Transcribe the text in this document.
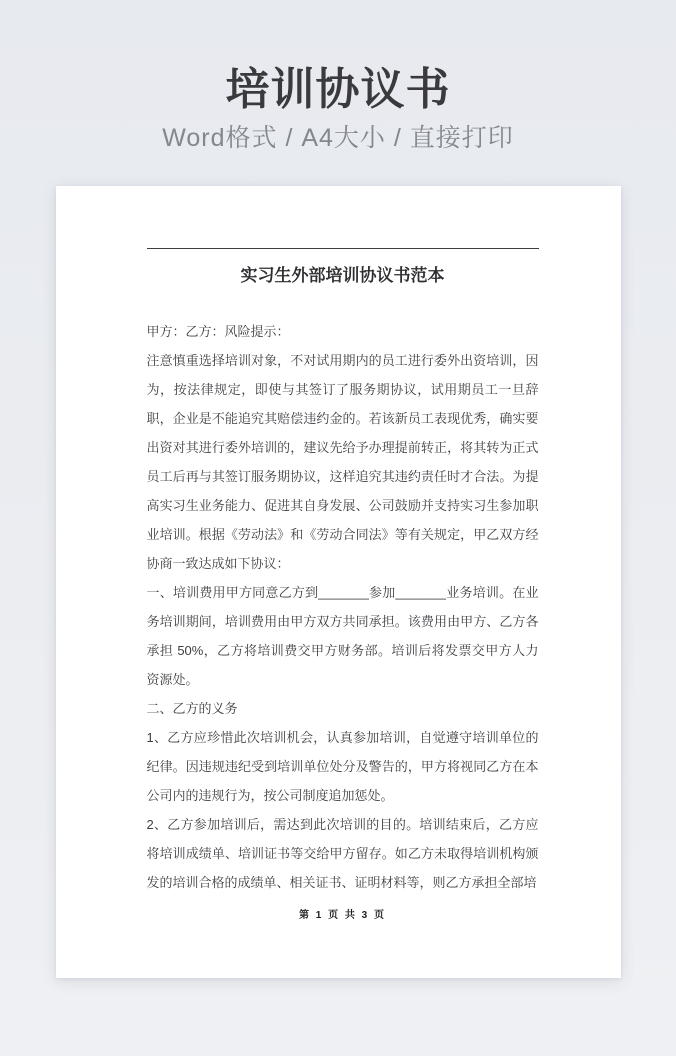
培训协议书
Word格式 / A4大小 / 直接打印
实习生外部培训协议书范本

甲方：乙方：风险提示：

注意慎重选择培训对象，不对试用期内的员工进行委外出资培训，因为，按法律规定，即使与其签订了服务期协议，试用期员工一旦辞职，企业是不能追究其赔偿违约金的。若该新员工表现优秀，确实要出资对其进行委外培训的，建议先给予办理提前转正，将其转为正式员工后再与其签订服务期协议，这样追究其违约责任时才合法。为提高实习生业务能力、促进其自身发展、公司鼓励并支持实习生参加职业培训。根据《劳动法》和《劳动合同法》等有关规定，甲乙双方经协商一致达成如下协议：

一、培训费用甲方同意乙方到_______参加_______业务培训。在业务培训期间，培训费用由甲方双方共同承担。该费用由甲方、乙方各承担 50%，乙方将培训费交甲方财务部。培训后将发票交甲方人力资源处。

二、乙方的义务

1、乙方应珍惜此次培训机会，认真参加培训，自觉遵守培训单位的纪律。因违规违纪受到培训单位处分及警告的，甲方将视同乙方在本公司内的违规行为，按公司制度追加惩处。

2、乙方参加培训后，需达到此次培训的目的。培训结束后，乙方应将培训成绩单、培训证书等交给甲方留存。如乙方未取得培训机构颁发的培训合格的成绩单、相关证书、证明材料等，则乙方承担全部培

第 1 页 共 3 页
